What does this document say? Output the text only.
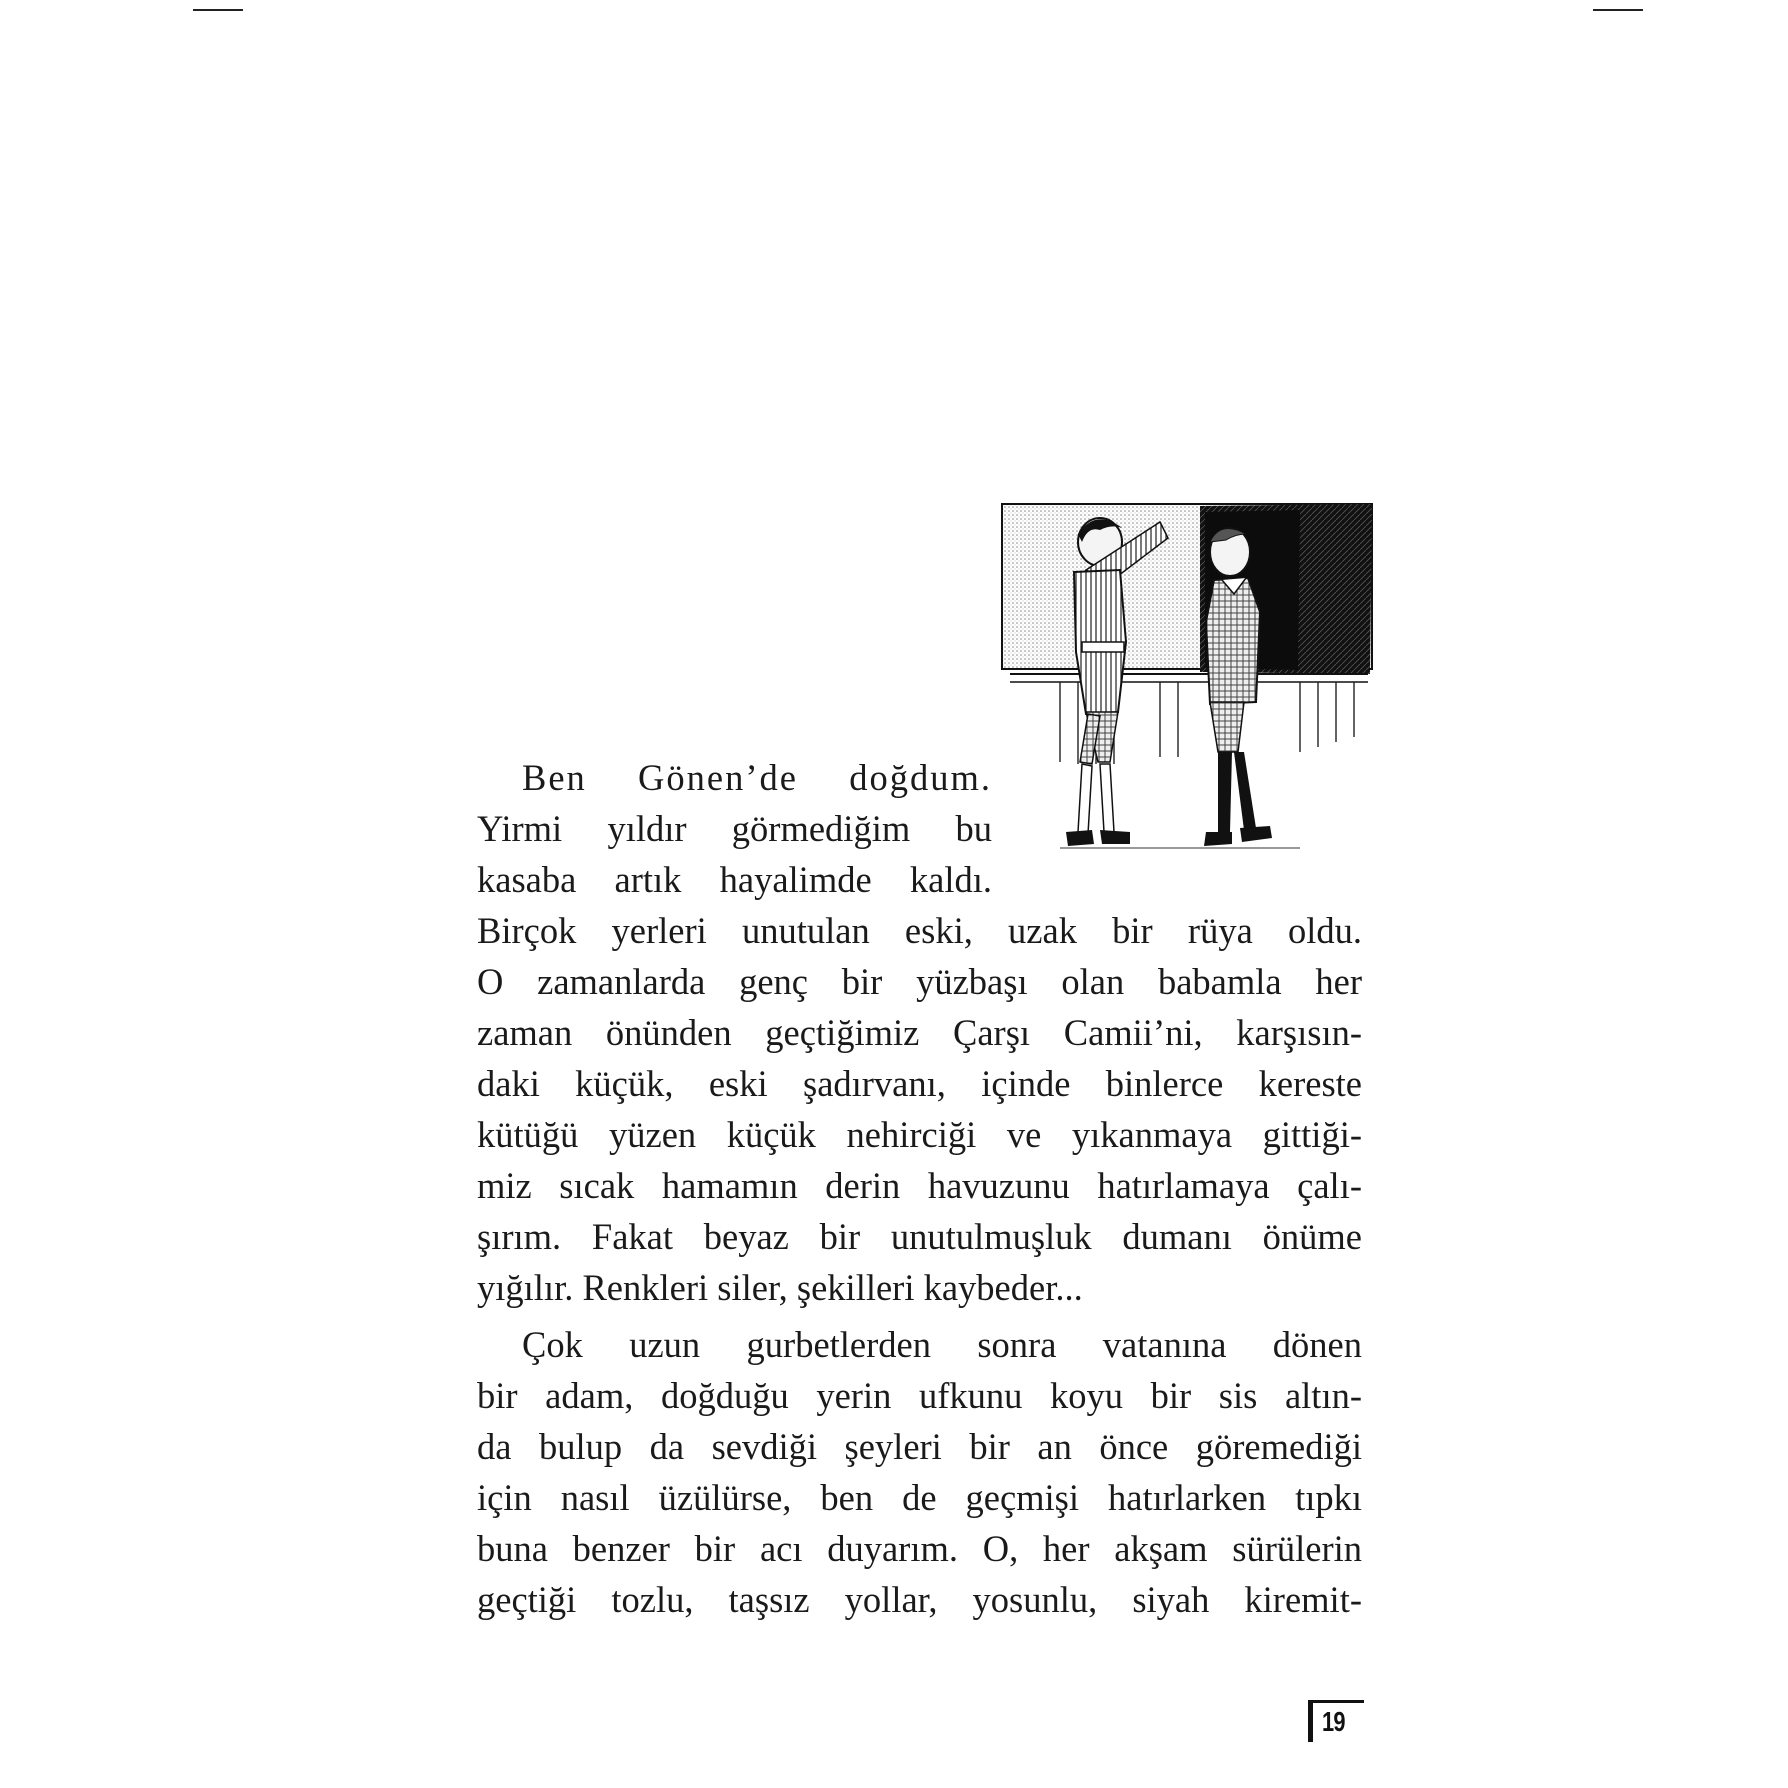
Ben Gönen’de doğdum.
Yirmi yıldır görmediğim bu
kasaba artık hayalimde kaldı.
Birçok yerleri unutulan eski, uzak bir rüya oldu.
O zamanlarda genç bir yüzbaşı olan babamla her
zaman önünden geçtiğimiz Çarşı Camii’ni, karşısın-
daki küçük, eski şadırvanı, içinde binlerce kereste
kütüğü yüzen küçük nehirciği ve yıkanmaya gittiği-
miz sıcak hamamın derin havuzunu hatırlamaya çalı-
şırım. Fakat beyaz bir unutulmuşluk dumanı önüme
yığılır. Renkleri siler, şekilleri kaybeder...

Çok uzun gurbetlerden sonra vatanına dönen
bir adam, doğduğu yerin ufkunu koyu bir sis altın-
da bulup da sevdiği şeyleri bir an önce göremediği
için nasıl üzülürse, ben de geçmişi hatırlarken tıpkı
buna benzer bir acı duyarım. O, her akşam sürülerin
geçtiği tozlu, taşsız yollar, yosunlu, siyah kiremit-

19
